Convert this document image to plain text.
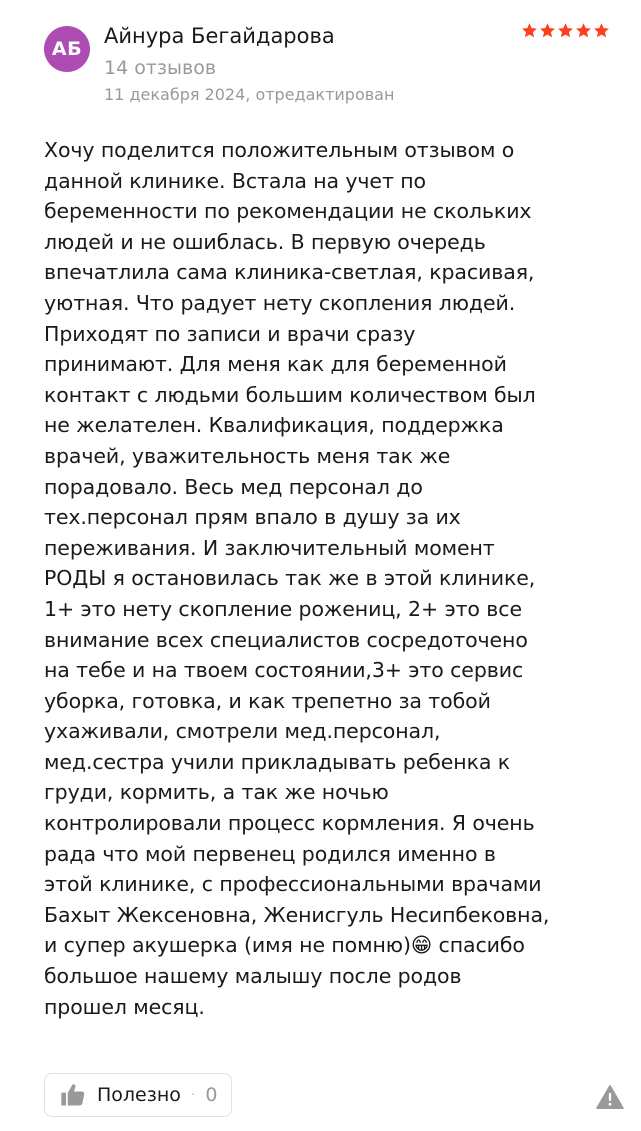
АБ
Айнура Бегайдарова
14 отзывов
11 декабря 2024, отредактирован
Хочу поделится положительным отзывом о
данной клинике. Встала на учет по
беременности по рекомендации не скольких
людей и не ошиблась. В первую очередь
впечатлила сама клиника-светлая, красивая,
уютная. Что радует нету скопления людей.
Приходят по записи и врачи сразу
принимают. Для меня как для беременной
контакт с людьми большим количеством был
не желателен. Квалификация, поддержка
врачей, уважительность меня так же
порадовало. Весь мед персонал до
тех.персонал прям впало в душу за их
переживания. И заключительный момент
РОДЫ я остановилась так же в этой клинике,
1+ это нету скопление рожениц, 2+ это все
внимание всех специалистов сосредоточено
на тебе и на твоем состоянии,3+ это сервис
уборка, готовка, и как трепетно за тобой
ухаживали, смотрели мед.персонал,
мед.сестра учили прикладывать ребенка к
груди, кормить, а так же ночью
контролировали процесс кормления. Я очень
рада что мой первенец родился именно в
этой клинике, с профессиональными врачами
Бахыт Жексеновна, Женисгуль Несипбековна,
и супер акушерка (имя не помню)😁 спасибо
большое нашему малышу после родов
прошел месяц.
Полезно · 0
